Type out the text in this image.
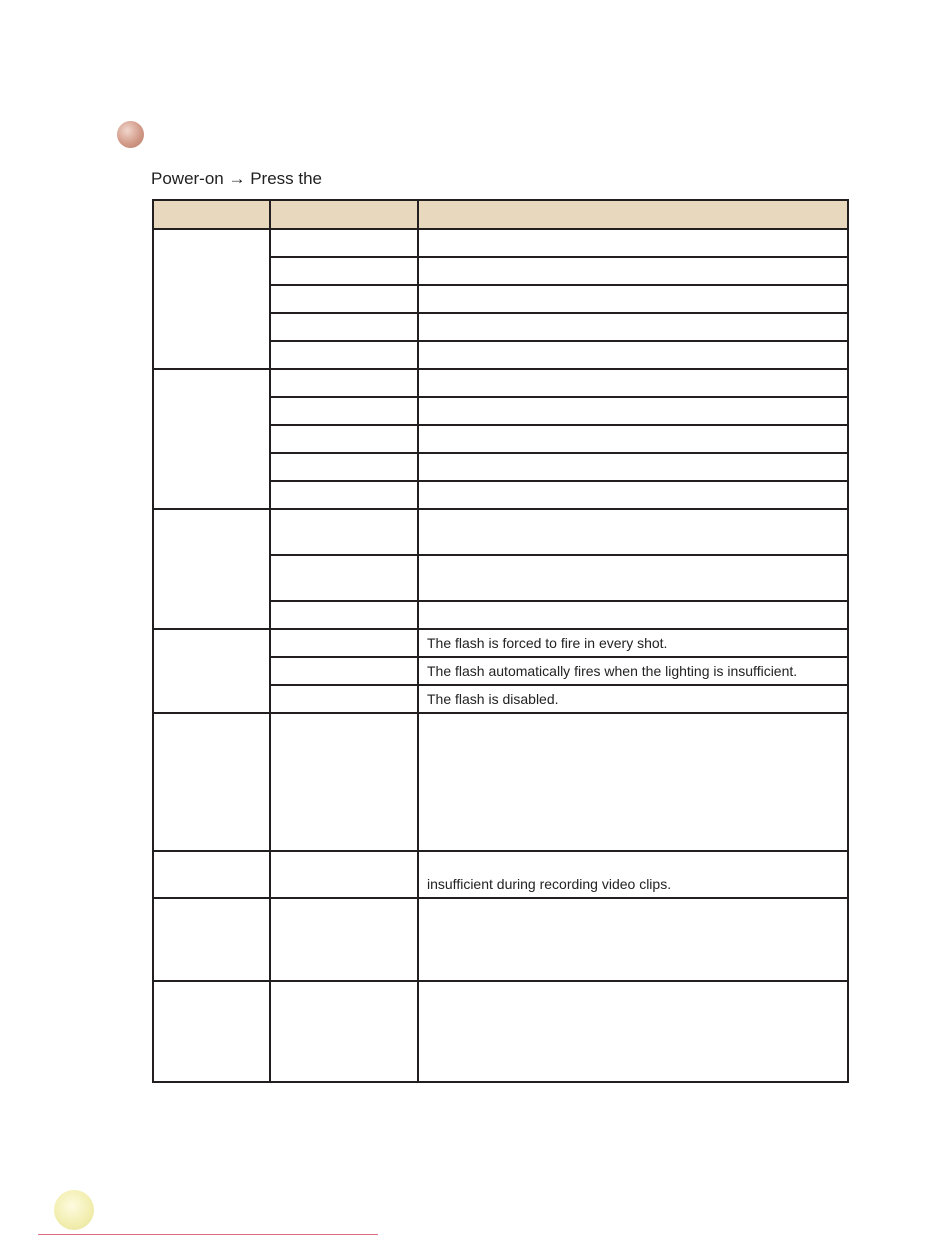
Power-on → Press the

		The flash is forced to fire in every shot.
		The flash automatically fires when the lighting is insufficient.
		The flash is disabled.

		insufficient during recording video clips.
